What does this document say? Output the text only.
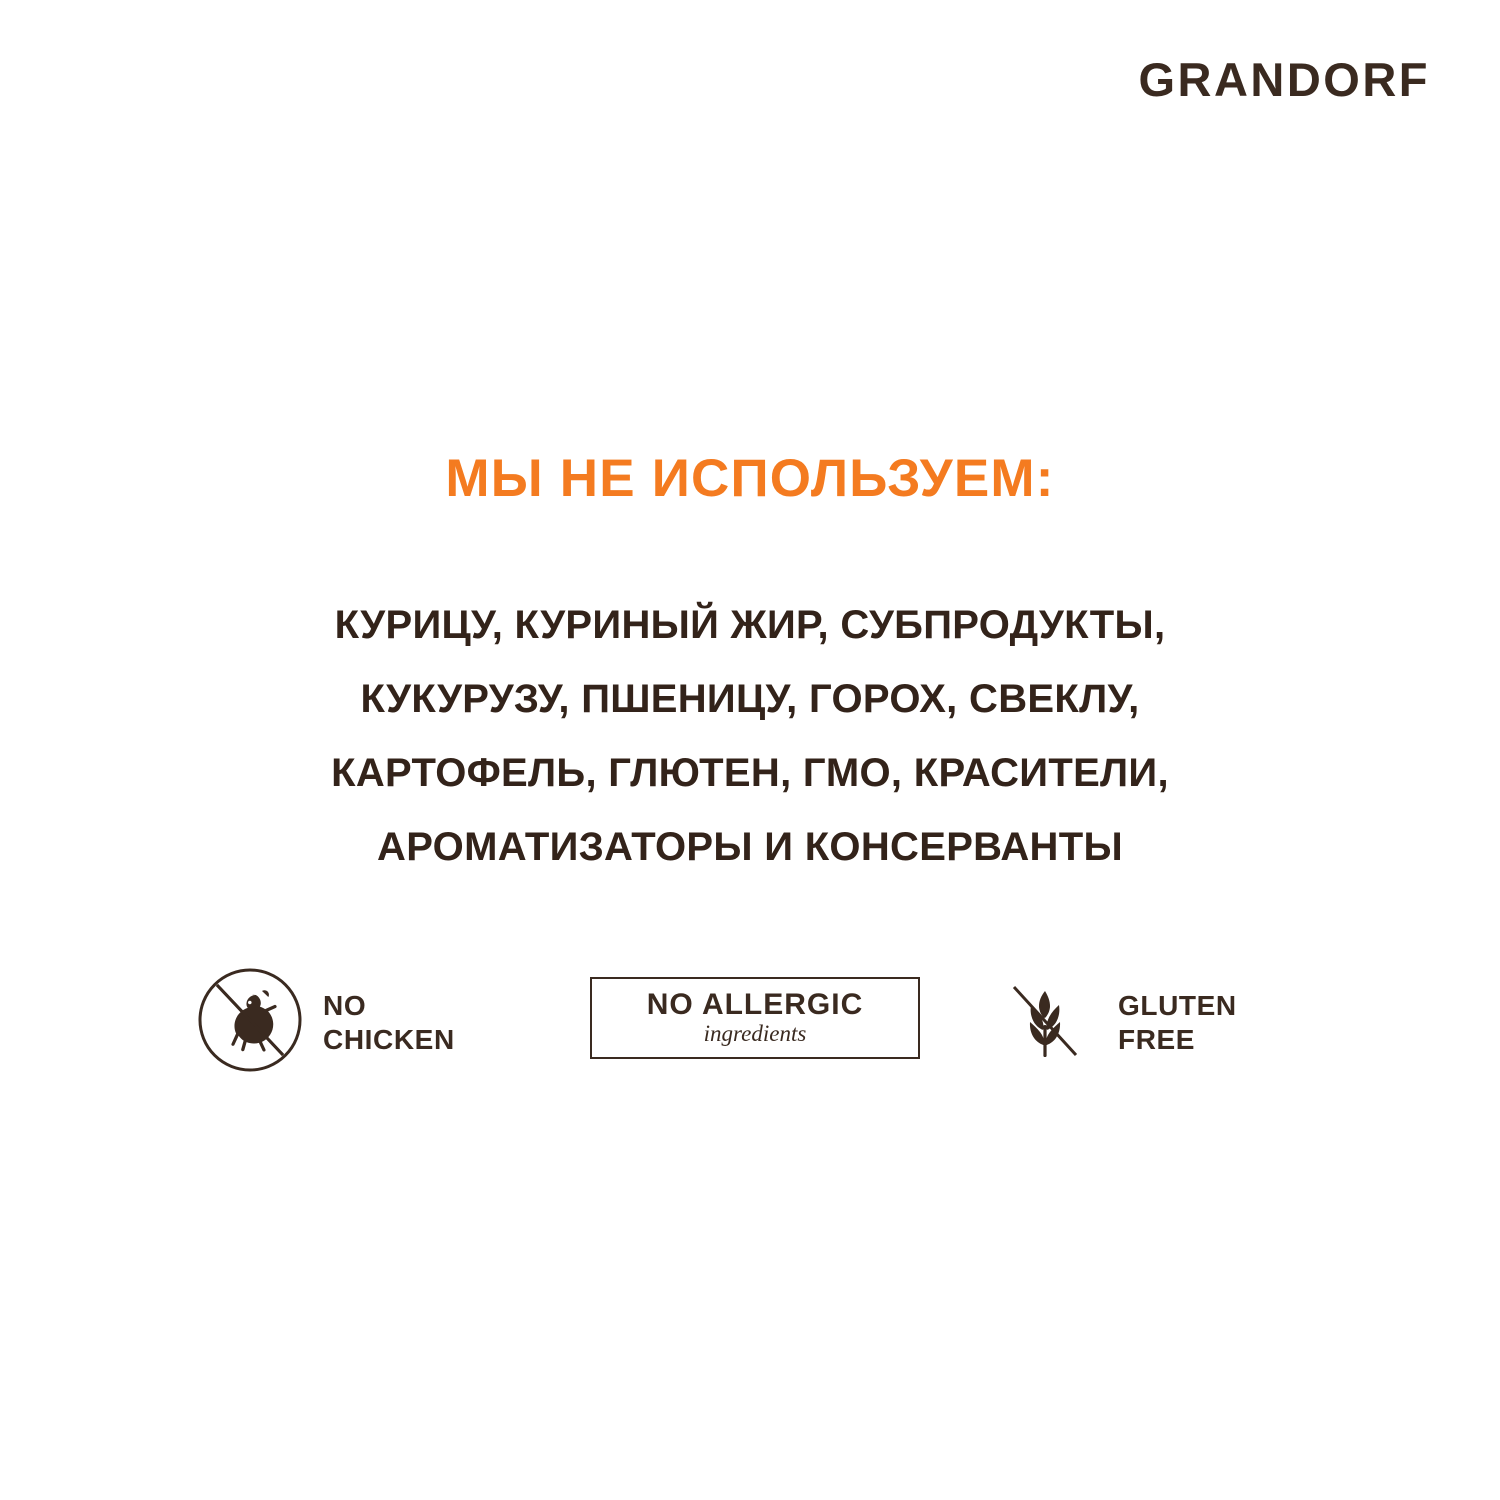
GRANDORF
МЫ НЕ ИСПОЛЬЗУЕМ:
КУРИЦУ, КУРИНЫЙ ЖИР, СУБПРОДУКТЫ,
КУКУРУЗУ, ПШЕНИЦУ, ГОРОХ, СВЕКЛУ,
КАРТОФЕЛЬ, ГЛЮТЕН, ГМО, КРАСИТЕЛИ,
АРОМАТИЗАТОРЫ И КОНСЕРВАНТЫ
NO
CHICKEN
NO ALLERGIC
ingredients
GLUTEN
FREE
